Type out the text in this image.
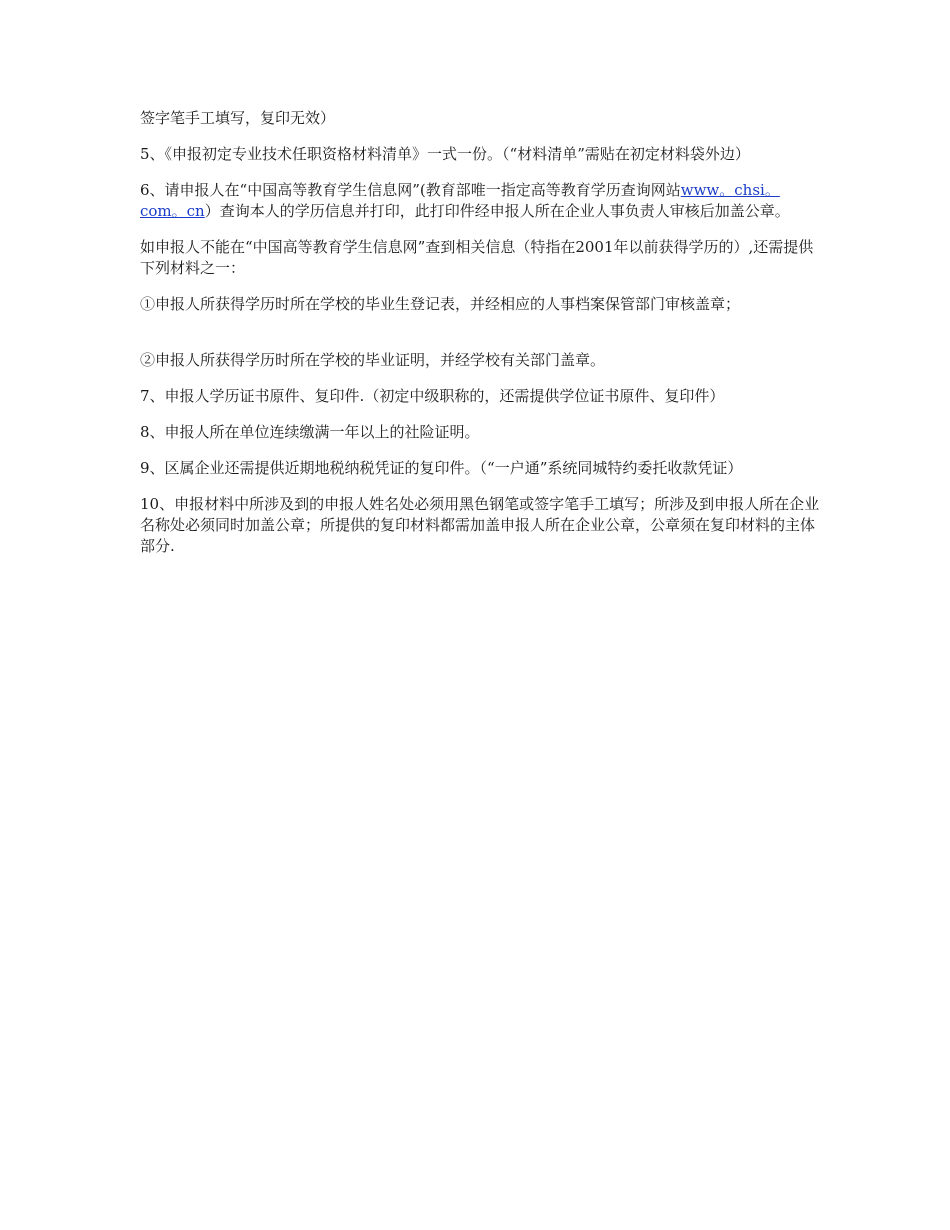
签字笔手工填写，复印无效）

5、《申报初定专业技术任职资格材料清单》一式一份。（“材料清单”需贴在初定材料袋外边）

6、请申报人在“中国高等教育学生信息网”(教育部唯一指定高等教育学历查询网站www。chsi。com。cn）查询本人的学历信息并打印，此打印件经申报人所在企业人事负责人审核后加盖公章。

如申报人不能在“中国高等教育学生信息网”查到相关信息（特指在2001年以前获得学历的）,还需提供下列材料之一：

①申报人所获得学历时所在学校的毕业生登记表，并经相应的人事档案保管部门审核盖章；

②申报人所获得学历时所在学校的毕业证明，并经学校有关部门盖章。

7、申报人学历证书原件、复印件.（初定中级职称的，还需提供学位证书原件、复印件）

8、申报人所在单位连续缴满一年以上的社险证明。

9、区属企业还需提供近期地税纳税凭证的复印件。（“一户通”系统同城特约委托收款凭证）

10、申报材料中所涉及到的申报人姓名处必须用黑色钢笔或签字笔手工填写；所涉及到申报人所在企业名称处必须同时加盖公章；所提供的复印材料都需加盖申报人所在企业公章，公章须在复印材料的主体部分.
